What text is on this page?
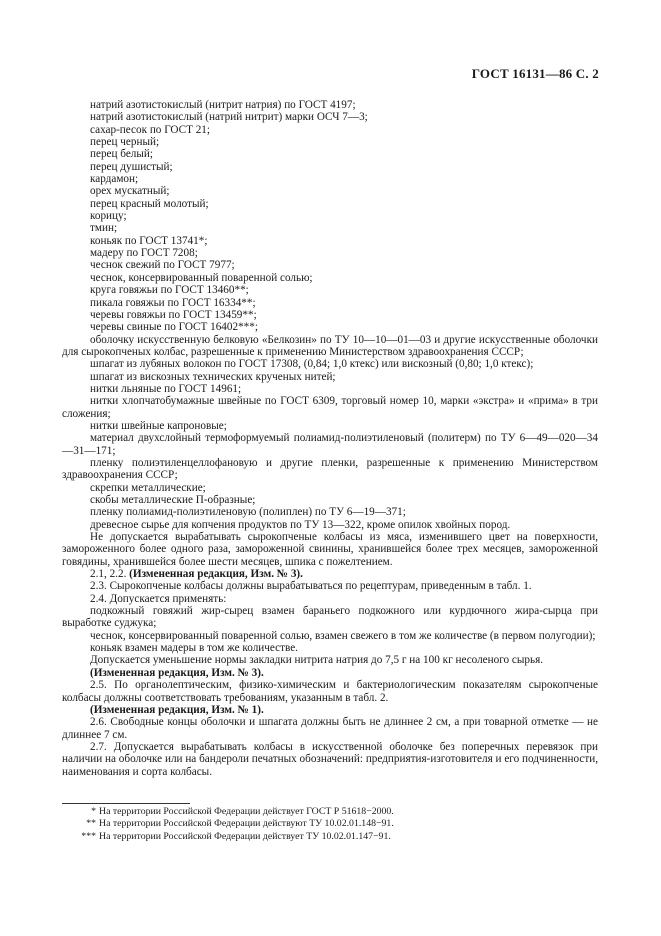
ГОСТ 16131—86 С. 2

натрий азотистокислый (нитрит натрия) по ГОСТ 4197;

натрий азотистокислый (натрий нитрит) марки ОСЧ 7—3;

сахар-песок по ГОСТ 21;

перец черный;

перец белый;

перец душистый;

кардамон;

орех мускатный;

перец красный молотый;

корицу;

тмин;

коньяк по ГОСТ 13741*;

мадеру по ГОСТ 7208;

чеснок свежий по ГОСТ 7977;

чеснок, консервированный поваренной солью;

круга говяжьи по ГОСТ 13460**;

пикала говяжьи по ГОСТ 16334**;

черевы говяжьи по ГОСТ 13459**;

черевы свиные по ГОСТ 16402***;

оболочку искусственную белковую «Белкозин» по ТУ 10—10—01—03 и другие искусственные оболочки для сырокопченых колбас, разрешенные к применению Министерством здравоохранения СССР;

шпагат из лубяных волокон по ГОСТ 17308, (0,84; 1,0 ктекс) или вискозный (0,80; 1,0 ктекс);

шпагат из вискозных технических крученых нитей;

нитки льняные по ГОСТ 14961;

нитки хлопчатобумажные швейные по ГОСТ 6309, торговый номер 10, марки «экстра» и «прима» в три сложения;

нитки швейные капроновые;

материал двухслойный термоформуемый полиамид-полиэтиленовый (политерм) по ТУ 6—49—020—34—31—171;

пленку полиэтиленцеллофановую и другие пленки, разрешенные к применению Министерством здравоохранения СССР;

скрепки металлические;

скобы металлические П-образные;

пленку полиамид-полиэтиленовую (полиплен) по ТУ 6—19—371;

древесное сырье для копчения продуктов по ТУ 13—322, кроме опилок хвойных пород.

Не допускается вырабатывать сырокопченые колбасы из мяса, изменившего цвет на поверхности, замороженного более одного раза, замороженной свинины, хранившейся более трех месяцев, замороженной говядины, хранившейся более шести месяцев, шпика с пожелтением.

2.1, 2.2. (Измененная редакция, Изм. № 3).

2.3. Сырокопченые колбасы должны вырабатываться по рецептурам, приведенным в табл. 1.

2.4. Допускается применять:

подкожный говяжий жир-сырец взамен бараньего подкожного или курдючного жира-сырца при выработке суджука;

чеснок, консервированный поваренной солью, взамен свежего в том же количестве (в первом полугодии);

коньяк взамен мадеры в том же количестве.

Допускается уменьшение нормы закладки нитрита натрия до 7,5 г на 100 кг несоленого сырья.

(Измененная редакция, Изм. № 3).

2.5. По органолептическим, физико-химическим и бактериологическим показателям сырокопченые колбасы должны соответствовать требованиям, указанным в табл. 2.

(Измененная редакция, Изм. № 1).

2.6. Свободные концы оболочки и шпагата должны быть не длиннее 2 см, а при товарной отметке — не длиннее 7 см.

2.7. Допускается вырабатывать колбасы в искусственной оболочке без поперечных перевязок при наличии на оболочке или на бандероли печатных обозначений: предприятия-изготовителя и его подчиненности, наименования и сорта колбасы.

* На территории Российской Федерации действует ГОСТ Р 51618−2000.

** На территории Российской Федерации действуют ТУ 10.02.01.148−91.

*** На территории Российской Федерации действует ТУ 10.02.01.147−91.
